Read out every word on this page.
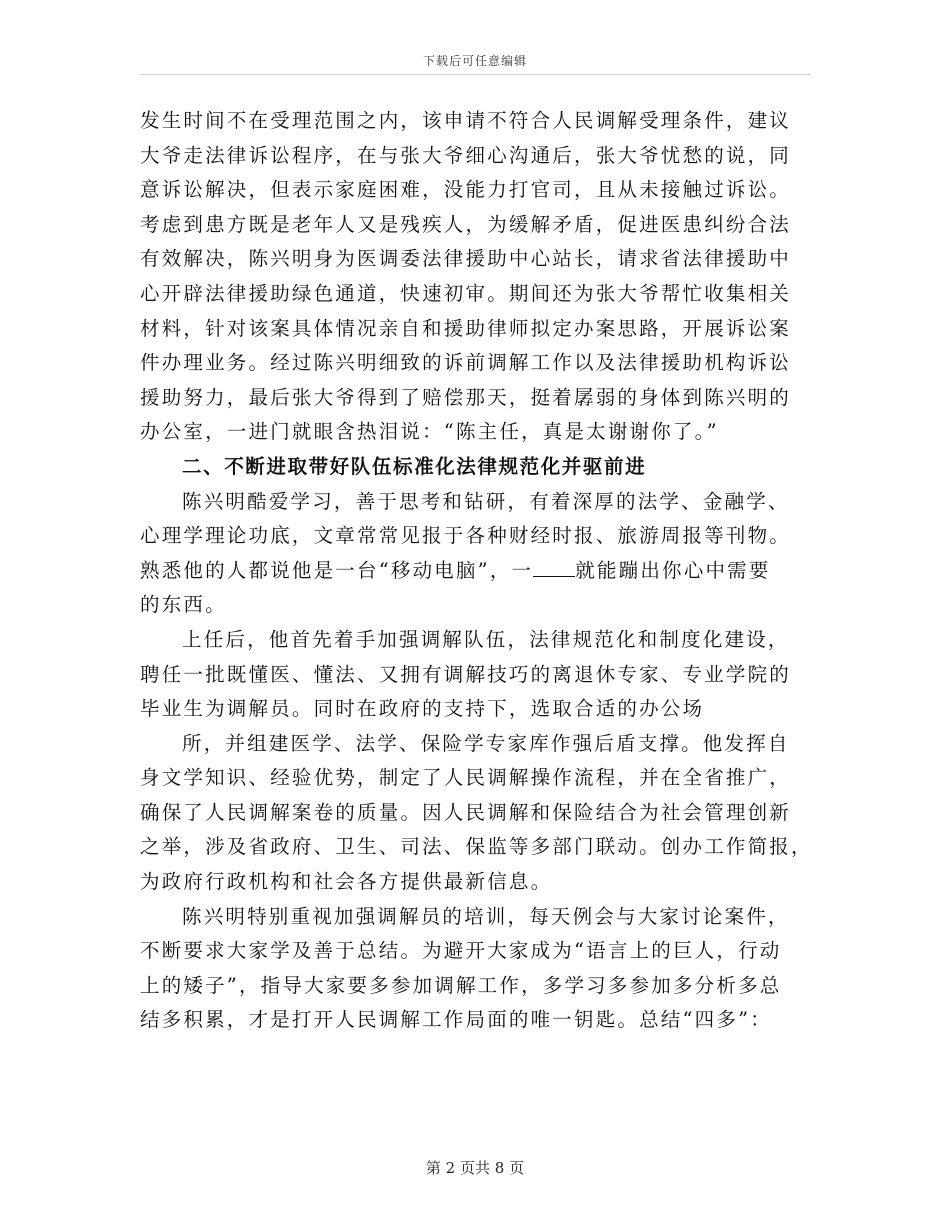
下载后可任意编辑
发生时间不在受理范围之内，该申请不符合人民调解受理条件，建议
大爷走法律诉讼程序，在与张大爷细心沟通后，张大爷忧愁的说，同
意诉讼解决，但表示家庭困难，没能力打官司，且从未接触过诉讼。
考虑到患方既是老年人又是残疾人，为缓解矛盾，促进医患纠纷合法
有效解决，陈兴明身为医调委法律援助中心站长，请求省法律援助中
心开辟法律援助绿色通道，快速初审。期间还为张大爷帮忙收集相关
材料，针对该案具体情况亲自和援助律师拟定办案思路，开展诉讼案
件办理业务。经过陈兴明细致的诉前调解工作以及法律援助机构诉讼
援助努力，最后张大爷得到了赔偿那天，挺着孱弱的身体到陈兴明的
办公室，一进门就眼含热泪说：“陈主任，真是太谢谢你了。”
二、不断进取带好队伍标准化法律规范化并驱前进
陈兴明酷爱学习，善于思考和钻研，有着深厚的法学、金融学、
心理学理论功底，文章常常见报于各种财经时报、旅游周报等刊物。
熟悉他的人都说他是一台“移动电脑”，一 就能蹦出你心中需要
的东西。
上任后，他首先着手加强调解队伍，法律规范化和制度化建设，
聘任一批既懂医、懂法、又拥有调解技巧的离退休专家、专业学院的
毕业生为调解员。同时在政府的支持下，选取合适的办公场
所，并组建医学、法学、保险学专家库作强后盾支撑。他发挥自
身文学知识、经验优势，制定了人民调解操作流程，并在全省推广，
确保了人民调解案卷的质量。因人民调解和保险结合为社会管理创新
之举，涉及省政府、卫生、司法、保监等多部门联动。创办工作简报，
为政府行政机构和社会各方提供最新信息。
陈兴明特别重视加强调解员的培训，每天例会与大家讨论案件，
不断要求大家学及善于总结。为避开大家成为“语言上的巨人，行动
上的矮子”，指导大家要多参加调解工作，多学习多参加多分析多总
结多积累，才是打开人民调解工作局面的唯一钥匙。总结“四多”：
第 2 页共 8 页
